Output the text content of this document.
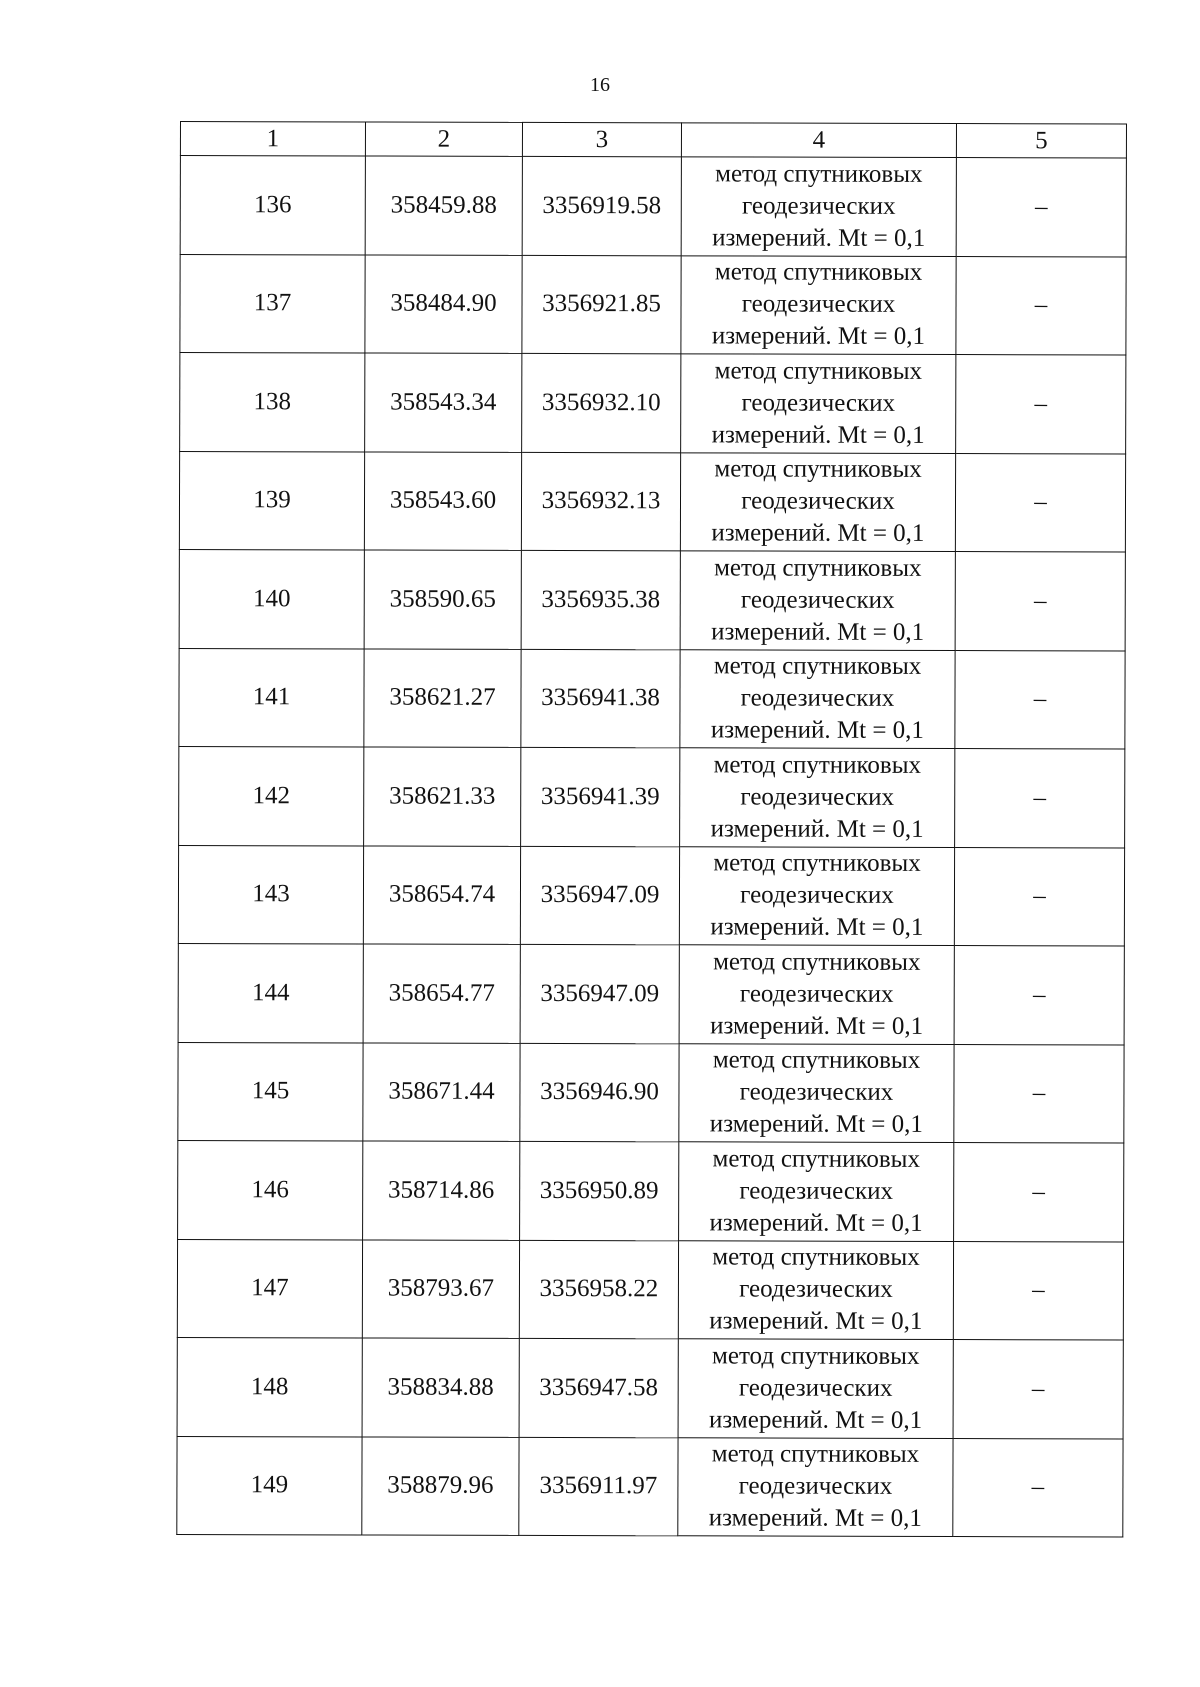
16
1	2	3	4	5
136	358459.88	3356919.58	метод спутниковых
геодезических
измерений. Mt = 0,1	–
137	358484.90	3356921.85	метод спутниковых
геодезических
измерений. Mt = 0,1	–
138	358543.34	3356932.10	метод спутниковых
геодезических
измерений. Mt = 0,1	–
139	358543.60	3356932.13	метод спутниковых
геодезических
измерений. Mt = 0,1	–
140	358590.65	3356935.38	метод спутниковых
геодезических
измерений. Mt = 0,1	–
141	358621.27	3356941.38	метод спутниковых
геодезических
измерений. Mt = 0,1	–
142	358621.33	3356941.39	метод спутниковых
геодезических
измерений. Mt = 0,1	–
143	358654.74	3356947.09	метод спутниковых
геодезических
измерений. Mt = 0,1	–
144	358654.77	3356947.09	метод спутниковых
геодезических
измерений. Mt = 0,1	–
145	358671.44	3356946.90	метод спутниковых
геодезических
измерений. Mt = 0,1	–
146	358714.86	3356950.89	метод спутниковых
геодезических
измерений. Mt = 0,1	–
147	358793.67	3356958.22	метод спутниковых
геодезических
измерений. Mt = 0,1	–
148	358834.88	3356947.58	метод спутниковых
геодезических
измерений. Mt = 0,1	–
149	358879.96	3356911.97	метод спутниковых
геодезических
измерений. Mt = 0,1	–
